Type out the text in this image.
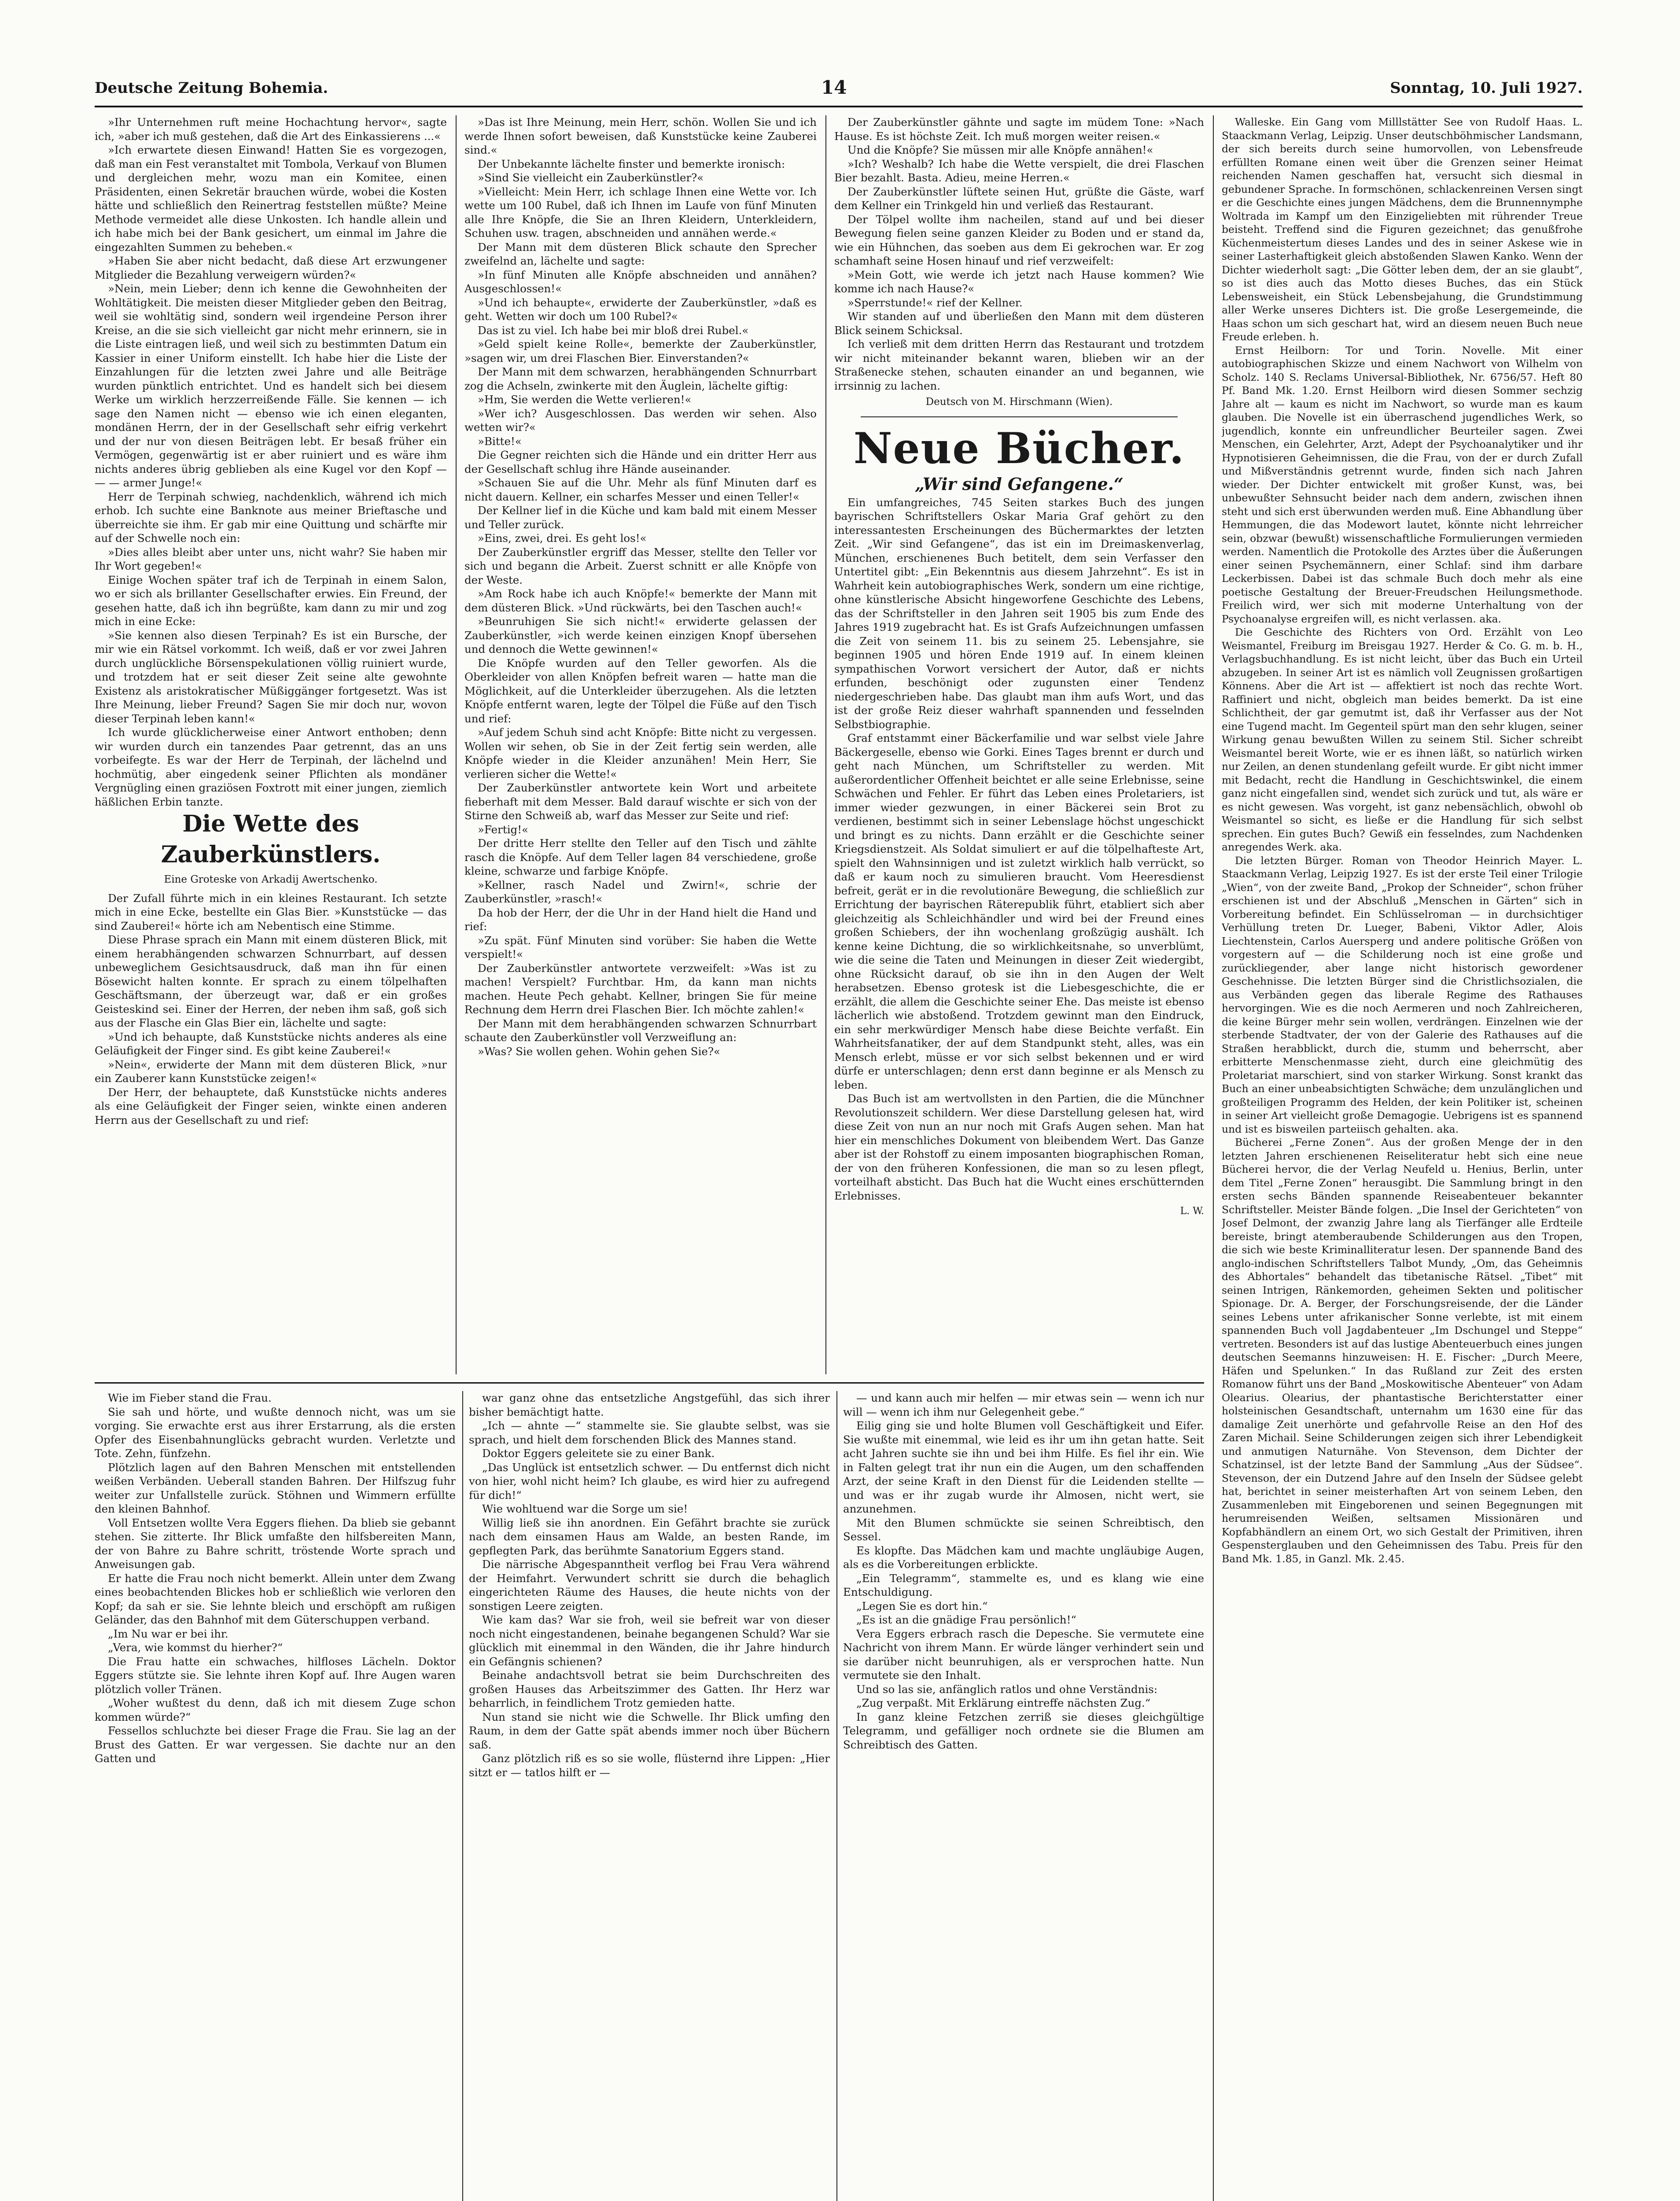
Deutsche Zeitung Bohemia.	14	Sonntag, 10. Juli 1927.

»Ihr Unternehmen ruft meine Hochachtung hervor«, sagte ich, »aber ich muß gestehen, daß die Art des Einkassierens ...«

»Ich erwartete diesen Einwand! Hatten Sie es vorgezogen, daß man ein Fest veranstaltet mit Tombola, Verkauf von Blumen und dergleichen mehr, wozu man ein Komitee, einen Präsidenten, einen Sekretär brauchen würde, wobei die Kosten hätte und schließlich den Reinertrag feststellen müßte? Meine Methode vermeidet alle diese Unkosten. Ich handle allein und ich habe mich bei der Bank gesichert, um einmal im Jahre die eingezahlten Summen zu beheben.«

»Haben Sie aber nicht bedacht, daß diese Art erzwungener Mitglieder die Bezahlung verweigern würden?«

»Nein, mein Lieber; denn ich kenne die Gewohnheiten der Wohltätigkeit. Die meisten dieser Mitglieder geben den Beitrag, weil sie wohltätig sind, sondern weil irgendeine Person ihrer Kreise, an die sie sich vielleicht gar nicht mehr erinnern, sie in die Liste eintragen ließ, und weil sich zu bestimmten Datum ein Kassier in einer Uniform einstellt. Ich habe hier die Liste der Einzahlungen für die letzten zwei Jahre und alle Beiträge wurden pünktlich entrichtet. Und es handelt sich bei diesem Werke um wirklich herzzerreißende Fälle. Sie kennen — ich sage den Namen nicht — ebenso wie ich einen eleganten, mondänen Herrn, der in der Gesellschaft sehr eifrig verkehrt und der nur von diesen Beiträgen lebt. Er besaß früher ein Vermögen, gegenwärtig ist er aber ruiniert und es wäre ihm nichts anderes übrig geblieben als eine Kugel vor den Kopf — — — armer Junge!«

Herr de Terpinah schwieg, nachdenklich, während ich mich erhob. Ich suchte eine Banknote aus meiner Brieftasche und überreichte sie ihm. Er gab mir eine Quittung und schärfte mir auf der Schwelle noch ein:

»Dies alles bleibt aber unter uns, nicht wahr? Sie haben mir Ihr Wort gegeben!«

Einige Wochen später traf ich de Terpinah in einem Salon, wo er sich als brillanter Gesellschafter erwies. Ein Freund, der gesehen hatte, daß ich ihn begrüßte, kam dann zu mir und zog mich in eine Ecke:

»Sie kennen also diesen Terpinah? Es ist ein Bursche, der mir wie ein Rätsel vorkommt. Ich weiß, daß er vor zwei Jahren durch unglückliche Börsenspekulationen völlig ruiniert wurde, und trotzdem hat er seit dieser Zeit seine alte gewohnte Existenz als aristokratischer Müßiggänger fortgesetzt. Was ist Ihre Meinung, lieber Freund? Sagen Sie mir doch nur, wovon dieser Terpinah leben kann!«

Ich wurde glücklicherweise einer Antwort enthoben; denn wir wurden durch ein tanzendes Paar getrennt, das an uns vorbeifegte. Es war der Herr de Terpinah, der lächelnd und hochmütig, aber eingedenk seiner Pflichten als mondäner Vergnügling einen graziösen Foxtrott mit einer jungen, ziemlich häßlichen Erbin tanzte.

Die Wette des Zauberkünstlers.

Eine Groteske von Arkadij Awertschenko.

Der Zufall führte mich in ein kleines Restaurant. Ich setzte mich in eine Ecke, bestellte ein Glas Bier. »Kunststücke — das sind Zauberei!« hörte ich am Nebentisch eine Stimme.

Diese Phrase sprach ein Mann mit einem düsteren Blick, mit einem herabhängenden schwarzen Schnurrbart, auf dessen unbeweglichem Gesichtsausdruck, daß man ihn für einen Bösewicht halten konnte. Er sprach zu einem tölpelhaften Geschäftsmann, der überzeugt war, daß er ein großes Geisteskind sei. Einer der Herren, der neben ihm saß, goß sich aus der Flasche ein Glas Bier ein, lächelte und sagte:

»Und ich behaupte, daß Kunststücke nichts anderes als eine Geläufigkeit der Finger sind. Es gibt keine Zauberei!«

»Nein«, erwiderte der Mann mit dem düsteren Blick, »nur ein Zauberer kann Kunststücke zeigen!«

Der Herr, der behauptete, daß Kunststücke nichts anderes als eine Geläufigkeit der Finger seien, winkte einen anderen Herrn aus der Gesellschaft zu und rief:

»Das ist Ihre Meinung, mein Herr, schön. Wollen Sie und ich werde Ihnen sofort beweisen, daß Kunststücke keine Zauberei sind.«

Der Unbekannte lächelte finster und bemerkte ironisch:

»Sind Sie vielleicht ein Zauberkünstler?«

»Vielleicht: Mein Herr, ich schlage Ihnen eine Wette vor. Ich wette um 100 Rubel, daß ich Ihnen im Laufe von fünf Minuten alle Ihre Knöpfe, die Sie an Ihren Kleidern, Unterkleidern, Schuhen usw. tragen, abschneiden und annähen werde.«

Der Mann mit dem düsteren Blick schaute den Sprecher zweifelnd an, lächelte und sagte:

»In fünf Minuten alle Knöpfe abschneiden und annähen? Ausgeschlossen!«

»Und ich behaupte«, erwiderte der Zauberkünstler, »daß es geht. Wetten wir doch um 100 Rubel?«

Das ist zu viel. Ich habe bei mir bloß drei Rubel.«

»Geld spielt keine Rolle«, bemerkte der Zauberkünstler, »sagen wir, um drei Flaschen Bier. Einverstanden?«

Der Mann mit dem schwarzen, herabhängenden Schnurrbart zog die Achseln, zwinkerte mit den Äuglein, lächelte giftig:

»Hm, Sie werden die Wette verlieren!«

»Wer ich? Ausgeschlossen. Das werden wir sehen. Also wetten wir?«

»Bitte!«

Die Gegner reichten sich die Hände und ein dritter Herr aus der Gesellschaft schlug ihre Hände auseinander.

»Schauen Sie auf die Uhr. Mehr als fünf Minuten darf es nicht dauern. Kellner, ein scharfes Messer und einen Teller!«

Der Kellner lief in die Küche und kam bald mit einem Messer und Teller zurück.

»Eins, zwei, drei. Es geht los!«

Der Zauberkünstler ergriff das Messer, stellte den Teller vor sich und begann die Arbeit. Zuerst schnitt er alle Knöpfe von der Weste.

»Am Rock habe ich auch Knöpfe!« bemerkte der Mann mit dem düsteren Blick. »Und rückwärts, bei den Taschen auch!«

»Beunruhigen Sie sich nicht!« erwiderte gelassen der Zauberkünstler, »ich werde keinen einzigen Knopf übersehen und dennoch die Wette gewinnen!«

Die Knöpfe wurden auf den Teller geworfen. Als die Oberkleider von allen Knöpfen befreit waren — hatte man die Möglichkeit, auf die Unterkleider überzugehen. Als die letzten Knöpfe entfernt waren, legte der Tölpel die Füße auf den Tisch und rief:

»Auf jedem Schuh sind acht Knöpfe: Bitte nicht zu vergessen. Wollen wir sehen, ob Sie in der Zeit fertig sein werden, alle Knöpfe wieder in die Kleider anzunähen! Mein Herr, Sie verlieren sicher die Wette!«

Der Zauberkünstler antwortete kein Wort und arbeitete fieberhaft mit dem Messer. Bald darauf wischte er sich von der Stirne den Schweiß ab, warf das Messer zur Seite und rief:

»Fertig!«

Der dritte Herr stellte den Teller auf den Tisch und zählte rasch die Knöpfe. Auf dem Teller lagen 84 verschiedene, große kleine, schwarze und farbige Knöpfe.

»Kellner, rasch Nadel und Zwirn!«, schrie der Zauberkünstler, »rasch!«

Da hob der Herr, der die Uhr in der Hand hielt die Hand und rief:

»Zu spät. Fünf Minuten sind vorüber: Sie haben die Wette verspielt!«

Der Zauberkünstler antwortete verzweifelt: »Was ist zu machen! Verspielt? Furchtbar. Hm, da kann man nichts machen. Heute Pech gehabt. Kellner, bringen Sie für meine Rechnung dem Herrn drei Flaschen Bier. Ich möchte zahlen!«

Der Mann mit dem herabhängenden schwarzen Schnurrbart schaute den Zauberkünstler voll Verzweiflung an:

»Was? Sie wollen gehen. Wohin gehen Sie?«

Der Zauberkünstler gähnte und sagte im müdem Tone: »Nach Hause. Es ist höchste Zeit. Ich muß morgen weiter reisen.«

Und die Knöpfe? Sie müssen mir alle Knöpfe annähen!«

»Ich? Weshalb? Ich habe die Wette verspielt, die drei Flaschen Bier bezahlt. Basta. Adieu, meine Herren.«

Der Zauberkünstler lüftete seinen Hut, grüßte die Gäste, warf dem Kellner ein Trinkgeld hin und verließ das Restaurant.

Der Tölpel wollte ihm nacheilen, stand auf und bei dieser Bewegung fielen seine ganzen Kleider zu Boden und er stand da, wie ein Hühnchen, das soeben aus dem Ei gekrochen war. Er zog schamhaft seine Hosen hinauf und rief verzweifelt:

»Mein Gott, wie werde ich jetzt nach Hause kommen? Wie komme ich nach Hause?«

»Sperrstunde!« rief der Kellner.

Wir standen auf und überließen den Mann mit dem düsteren Blick seinem Schicksal.

Ich verließ mit dem dritten Herrn das Restaurant und trotzdem wir nicht miteinander bekannt waren, blieben wir an der Straßenecke stehen, schauten einander an und begannen, wie irrsinnig zu lachen.

Deutsch von M. Hirschmann (Wien).

Neue Bücher.

„Wir sind Gefangene.“

Ein umfangreiches, 745 Seiten starkes Buch des jungen bayrischen Schriftstellers Oskar Maria Graf gehört zu den interessantesten Erscheinungen des Büchermarktes der letzten Zeit. „Wir sind Gefangene“, das ist ein im Dreimaskenverlag, München, erschienenes Buch betitelt, dem sein Verfasser den Untertitel gibt: „Ein Bekenntnis aus diesem Jahrzehnt“. Es ist in Wahrheit kein autobiographisches Werk, sondern um eine richtige, ohne künstlerische Absicht hingeworfene Geschichte des Lebens, das der Schriftsteller in den Jahren seit 1905 bis zum Ende des Jahres 1919 zugebracht hat. Es ist Grafs Aufzeichnungen umfassen die Zeit von seinem 11. bis zu seinem 25. Lebensjahre, sie beginnen 1905 und hören Ende 1919 auf. In einem kleinen sympathischen Vorwort versichert der Autor, daß er nichts erfunden, beschönigt oder zugunsten einer Tendenz niedergeschrieben habe. Das glaubt man ihm aufs Wort, und das ist der große Reiz dieser wahrhaft spannenden und fesselnden Selbstbiographie.

Graf entstammt einer Bäckerfamilie und war selbst viele Jahre Bäckergeselle, ebenso wie Gorki. Eines Tages brennt er durch und geht nach München, um Schriftsteller zu werden. Mit außerordentlicher Offenheit beichtet er alle seine Erlebnisse, seine Schwächen und Fehler. Er führt das Leben eines Proletariers, ist immer wieder gezwungen, in einer Bäckerei sein Brot zu verdienen, bestimmt sich in seiner Lebenslage höchst ungeschickt und bringt es zu nichts. Dann erzählt er die Geschichte seiner Kriegsdienstzeit. Als Soldat simuliert er auf die tölpelhafteste Art, spielt den Wahnsinnigen und ist zuletzt wirklich halb verrückt, so daß er kaum noch zu simulieren braucht. Vom Heeresdienst befreit, gerät er in die revolutionäre Bewegung, die schließlich zur Errichtung der bayrischen Räterepublik führt, etabliert sich aber gleichzeitig als Schleichhändler und wird bei der Freund eines großen Schiebers, der ihn wochenlang großzügig aushält. Ich kenne keine Dichtung, die so wirklichkeitsnahe, so unverblümt, wie die seine die Taten und Meinungen in dieser Zeit wiedergibt, ohne Rücksicht darauf, ob sie ihn in den Augen der Welt herabsetzen. Ebenso grotesk ist die Liebesgeschichte, die er erzählt, die allem die Geschichte seiner Ehe. Das meiste ist ebenso lächerlich wie abstoßend. Trotzdem gewinnt man den Eindruck, ein sehr merkwürdiger Mensch habe diese Beichte verfaßt. Ein Wahrheitsfanatiker, der auf dem Standpunkt steht, alles, was ein Mensch erlebt, müsse er vor sich selbst bekennen und er wird dürfe er unterschlagen; denn erst dann beginne er als Mensch zu leben.

Das Buch ist am wertvollsten in den Partien, die die Münchner Revolutionszeit schildern. Wer diese Darstellung gelesen hat, wird diese Zeit von nun an nur noch mit Grafs Augen sehen. Man hat hier ein menschliches Dokument von bleibendem Wert. Das Ganze aber ist der Rohstoff zu einem imposanten biographischen Roman, der von den früheren Konfessionen, die man so zu lesen pflegt, vorteilhaft absticht. Das Buch hat die Wucht eines erschütternden Erlebnisses.

L. W.

Walleske. Ein Gang vom Milllstätter See von Rudolf Haas. L. Staackmann Verlag, Leipzig. Unser deutschböhmischer Landsmann, der sich bereits durch seine humorvollen, von Lebensfreude erfüllten Romane einen weit über die Grenzen seiner Heimat reichenden Namen geschaffen hat, versucht sich diesmal in gebundener Sprache. In formschönen, schlackenreinen Versen singt er die Geschichte eines jungen Mädchens, dem die Brunnennymphe Woltrada im Kampf um den Einzigeliebten mit rührender Treue beisteht. Treffend sind die Figuren gezeichnet; das genußfrohe Küchenmeistertum dieses Landes und des in seiner Askese wie in seiner Lasterhaftigkeit gleich abstoßenden Slawen Kanko. Wenn der Dichter wiederholt sagt: „Die Götter leben dem, der an sie glaubt“, so ist dies auch das Motto dieses Buches, das ein Stück Lebensweisheit, ein Stück Lebensbejahung, die Grundstimmung aller Werke unseres Dichters ist. Die große Lesergemeinde, die Haas schon um sich geschart hat, wird an diesem neuen Buch neue Freude erleben. h.

Ernst Heilborn: Tor und Torin. Novelle. Mit einer autobiographischen Skizze und einem Nachwort von Wilhelm von Scholz. 140 S. Reclams Universal-Bibliothek, Nr. 6756/57. Heft 80 Pf. Band Mk. 1.20. Ernst Heilborn wird diesen Sommer sechzig Jahre alt — kaum es nicht im Nachwort, so wurde man es kaum glauben. Die Novelle ist ein überraschend jugendliches Werk, so jugendlich, konnte ein unfreundlicher Beurteiler sagen. Zwei Menschen, ein Gelehrter, Arzt, Adept der Psychoanalytiker und ihr Hypnotisieren Geheimnissen, die die Frau, von der er durch Zufall und Mißverständnis getrennt wurde, finden sich nach Jahren wieder. Der Dichter entwickelt mit großer Kunst, was, bei unbewußter Sehnsucht beider nach dem andern, zwischen ihnen steht und sich erst überwunden werden muß. Eine Abhandlung über Hemmungen, die das Modewort lautet, könnte nicht lehrreicher sein, obzwar (bewußt) wissenschaftliche Formulierungen vermieden werden. Namentlich die Protokolle des Arztes über die Äußerungen einer seinen Psychemännern, einer Schlaf: sind ihm darbare Leckerbissen. Dabei ist das schmale Buch doch mehr als eine poetische Gestaltung der Breuer-Freudschen Heilungsmethode. Freilich wird, wer sich mit moderne Unterhaltung von der Psychoanalyse ergreifen will, es nicht verlassen. aka.

Die Geschichte des Richters von Ord. Erzählt von Leo Weismantel, Freiburg im Breisgau 1927. Herder & Co. G. m. b. H., Verlagsbuchhandlung. Es ist nicht leicht, über das Buch ein Urteil abzugeben. In seiner Art ist es nämlich voll Zeugnissen großartigen Könnens. Aber die Art ist — affektiert ist noch das rechte Wort. Raffiniert und nicht, obgleich man beides bemerkt. Da ist eine Schlichtheit, der gar gemutmt ist, daß ihr Verfasser aus der Not eine Tugend macht. Im Gegenteil spürt man den sehr klugen, seiner Wirkung genau bewußten Willen zu seinem Stil. Sicher schreibt Weismantel bereit Worte, wie er es ihnen läßt, so natürlich wirken nur Zeilen, an denen stundenlang gefeilt wurde. Er gibt nicht immer mit Bedacht, recht die Handlung in Geschichtswinkel, die einem ganz nicht eingefallen sind, wendet sich zurück und tut, als wäre er es nicht gewesen. Was vorgeht, ist ganz nebensächlich, obwohl ob Weismantel so sicht, es ließe er die Handlung für sich selbst sprechen. Ein gutes Buch? Gewiß ein fesselndes, zum Nachdenken anregendes Werk. aka.

Die letzten Bürger. Roman von Theodor Heinrich Mayer. L. Staackmann Verlag, Leipzig 1927. Es ist der erste Teil einer Trilogie „Wien“, von der zweite Band, „Prokop der Schneider“, schon früher erschienen ist und der Abschluß „Menschen in Gärten“ sich in Vorbereitung befindet. Ein Schlüsselroman — in durchsichtiger Verhüllung treten Dr. Lueger, Babeni, Viktor Adler, Alois Liechtenstein, Carlos Auersperg und andere politische Größen von vorgestern auf — die Schilderung noch ist eine große und zurückliegender, aber lange nicht historisch gewordener Geschehnisse. Die letzten Bürger sind die Christlichsozialen, die aus Verbänden gegen das liberale Regime des Rathauses hervorgingen. Wie es die noch Aermeren und noch Zahlreicheren, die keine Bürger mehr sein wollen, verdrängen. Einzelnen wie der sterbende Stadtvater, der von der Galerie des Rathauses auf die Straßen herabblickt, durch die, stumm und beherrscht, aber erbitterte Menschenmasse zieht, durch eine gleichmütig des Proletariat marschiert, sind von starker Wirkung. Sonst krankt das Buch an einer unbeabsichtigten Schwäche; dem unzulänglichen und großteiligen Programm des Helden, der kein Politiker ist, scheinen in seiner Art vielleicht große Demagogie. Uebrigens ist es spannend und ist es bisweilen parteiisch gehalten. aka.

Bücherei „Ferne Zonen“. Aus der großen Menge der in den letzten Jahren erschienenen Reiseliteratur hebt sich eine neue Bücherei hervor, die der Verlag Neufeld u. Henius, Berlin, unter dem Titel „Ferne Zonen“ herausgibt. Die Sammlung bringt in den ersten sechs Bänden spannende Reiseabenteuer bekannter Schriftsteller. Meister Bände folgen. „Die Insel der Gerichteten“ von Josef Delmont, der zwanzig Jahre lang als Tierfänger alle Erdteile bereiste, bringt atemberaubende Schilderungen aus den Tropen, die sich wie beste Kriminalliteratur lesen. Der spannende Band des anglo-indischen Schriftstellers Talbot Mundy, „Om, das Geheimnis des Abhortales“ behandelt das tibetanische Rätsel. „Tibet“ mit seinen Intrigen, Ränkemorden, geheimen Sekten und politischer Spionage. Dr. A. Berger, der Forschungsreisende, der die Länder seines Lebens unter afrikanischer Sonne verlebte, ist mit einem spannenden Buch voll Jagdabenteuer „Im Dschungel und Steppe“ vertreten. Besonders ist auf das lustige Abenteuerbuch eines jungen deutschen Seemanns hinzuweisen: H. E. Fischer: „Durch Meere, Häfen und Spelunken.“ In das Rußland zur Zeit des ersten Romanow führt uns der Band „Moskowitische Abenteuer“ von Adam Olearius. Olearius, der phantastische Berichterstatter einer holsteinischen Gesandtschaft, unternahm um 1630 eine für das damalige Zeit unerhörte und gefahrvolle Reise an den Hof des Zaren Michail. Seine Schilderungen zeigen sich ihrer Lebendigkeit und anmutigen Naturnähe. Von Stevenson, dem Dichter der Schatzinsel, ist der letzte Band der Sammlung „Aus der Südsee“. Stevenson, der ein Dutzend Jahre auf den Inseln der Südsee gelebt hat, berichtet in seiner meisterhaften Art von seinem Leben, den Zusammenleben mit Eingeborenen und seinen Begegnungen mit herumreisenden Weißen, seltsamen Missionären und Kopfabhändlern an einem Ort, wo sich Gestalt der Primitiven, ihren Gespensterglauben und den Geheimnissen des Tabu. Preis für den Band Mk. 1.85, in Ganzl. Mk. 2.45.

Wie im Fieber stand die Frau.

Sie sah und hörte, und wußte dennoch nicht, was um sie vorging. Sie erwachte erst aus ihrer Erstarrung, als die ersten Opfer des Eisenbahnunglücks gebracht wurden. Verletzte und Tote. Zehn, fünfzehn.

Plötzlich lagen auf den Bahren Menschen mit entstellenden weißen Verbänden. Ueberall standen Bahren. Der Hilfszug fuhr weiter zur Unfallstelle zurück. Stöhnen und Wimmern erfüllte den kleinen Bahnhof.

Voll Entsetzen wollte Vera Eggers fliehen. Da blieb sie gebannt stehen. Sie zitterte. Ihr Blick umfaßte den hilfsbereiten Mann, der von Bahre zu Bahre schritt, tröstende Worte sprach und Anweisungen gab.

Er hatte die Frau noch nicht bemerkt. Allein unter dem Zwang eines beobachtenden Blickes hob er schließlich wie verloren den Kopf; da sah er sie. Sie lehnte bleich und erschöpft am rußigen Geländer, das den Bahnhof mit dem Güterschuppen verband.

„Im Nu war er bei ihr.

„Vera, wie kommst du hierher?“

Die Frau hatte ein schwaches, hilfloses Lächeln. Doktor Eggers stützte sie. Sie lehnte ihren Kopf auf. Ihre Augen waren plötzlich voller Tränen.

„Woher wußtest du denn, daß ich mit diesem Zuge schon kommen würde?“

Fessellos schluchzte bei dieser Frage die Frau. Sie lag an der Brust des Gatten. Er war vergessen. Sie dachte nur an den Gatten und

war ganz ohne das entsetzliche Angstgefühl, das sich ihrer bisher bemächtigt hatte.

„Ich — ahnte —“ stammelte sie. Sie glaubte selbst, was sie sprach, und hielt dem forschenden Blick des Mannes stand.

Doktor Eggers geleitete sie zu einer Bank.

„Das Unglück ist entsetzlich schwer. — Du entfernst dich nicht von hier, wohl nicht heim? Ich glaube, es wird hier zu aufregend für dich!“

Wie wohltuend war die Sorge um sie!

Willig ließ sie ihn anordnen. Ein Gefährt brachte sie zurück nach dem einsamen Haus am Walde, an besten Rande, im gepflegten Park, das berühmte Sanatorium Eggers stand.

Die närrische Abgespanntheit verflog bei Frau Vera während der Heimfahrt. Verwundert schritt sie durch die behaglich eingerichteten Räume des Hauses, die heute nichts von der sonstigen Leere zeigten.

Wie kam das? War sie froh, weil sie befreit war von dieser noch nicht eingestandenen, beinahe begangenen Schuld? War sie glücklich mit einemmal in den Wänden, die ihr Jahre hindurch ein Gefängnis schienen?

Beinahe andachtsvoll betrat sie beim Durchschreiten des großen Hauses das Arbeitszimmer des Gatten. Ihr Herz war beharrlich, in feindlichem Trotz gemieden hatte.

Nun stand sie nicht wie die Schwelle. Ihr Blick umfing den Raum, in dem der Gatte spät abends immer noch über Büchern saß.

Ganz plötzlich riß es so sie wolle, flüsternd ihre Lippen: „Hier sitzt er — tatlos hilft er —

— und kann auch mir helfen — mir etwas sein — wenn ich nur will — wenn ich ihm nur Gelegenheit gebe.“

Eilig ging sie und holte Blumen voll Geschäftigkeit und Eifer. Sie wußte mit einemmal, wie leid es ihr um ihn getan hatte. Seit acht Jahren suchte sie ihn und bei ihm Hilfe. Es fiel ihr ein. Wie in Falten gelegt trat ihr nun ein die Augen, um den schaffenden Arzt, der seine Kraft in den Dienst für die Leidenden stellte — und was er ihr zugab wurde ihr Almosen, nicht wert, sie anzunehmen.

Mit den Blumen schmückte sie seinen Schreibtisch, den Sessel.

Es klopfte. Das Mädchen kam und machte ungläubige Augen, als es die Vorbereitungen erblickte.

„Ein Telegramm“, stammelte es, und es klang wie eine Entschuldigung.

„Legen Sie es dort hin.“

„Es ist an die gnädige Frau persönlich!“

Vera Eggers erbrach rasch die Depesche. Sie vermutete eine Nachricht von ihrem Mann. Er würde länger verhindert sein und sie darüber nicht beunruhigen, als er versprochen hatte. Nun vermutete sie den Inhalt.

Und so las sie, anfänglich ratlos und ohne Verständnis:

„Zug verpaßt. Mit Erklärung eintreffe nächsten Zug.“

In ganz kleine Fetzchen zerriß sie dieses gleichgültige Telegramm, und gefälliger noch ordnete sie die Blumen am Schreibtisch des Gatten.
